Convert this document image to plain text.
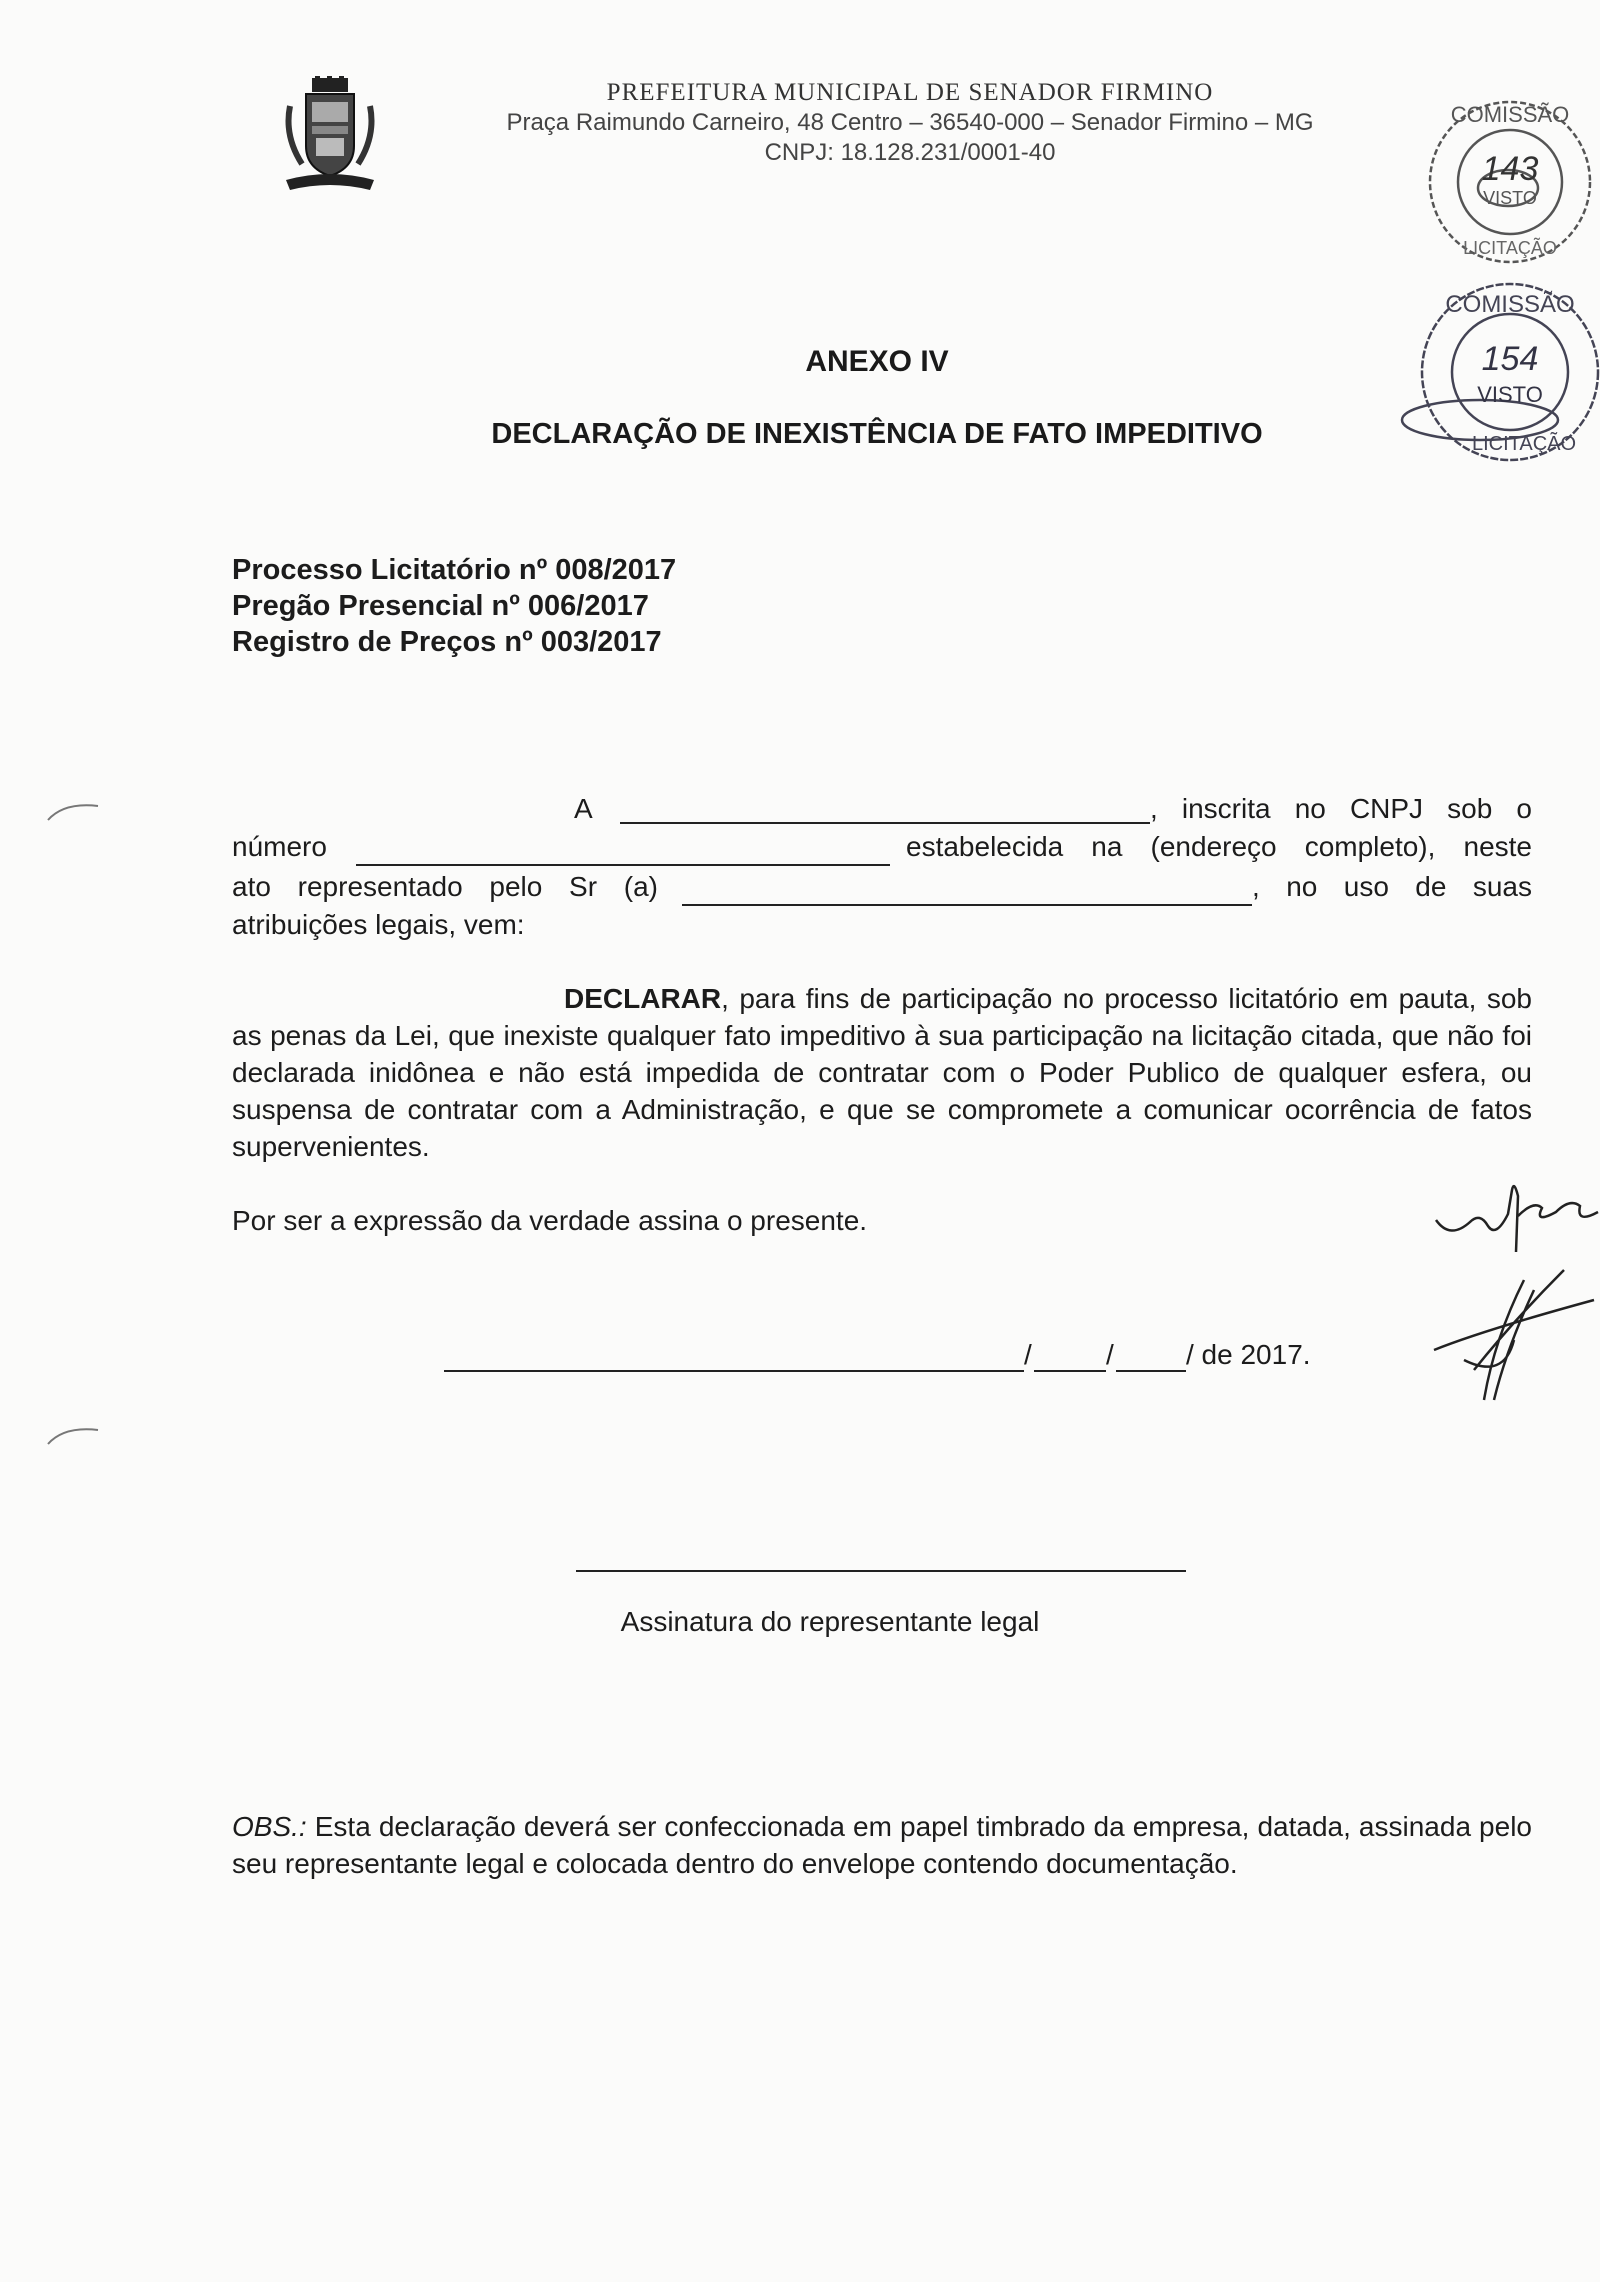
PREFEITURA MUNICIPAL DE SENADOR FIRMINO
Praça Raimundo Carneiro, 48 Centro – 36540-000 – Senador Firmino – MG
CNPJ: 18.128.231/0001-40
COMISSÃO
143
VISTO
LICITAÇÃO
COMISSÃO
154
VISTO
LICITAÇÃO
ANEXO IV
DECLARAÇÃO DE INEXISTÊNCIA DE FATO IMPEDITIVO
Processo Licitatório nº 008/2017
Pregão Presencial nº 006/2017
Registro de Preços nº 003/2017
A	, inscrita no CNPJ sob o
número	estabelecida na (endereço completo), neste
ato representado pelo Sr (a)	, no uso de suas
atribuições legais, vem:
DECLARAR, para fins de participação no processo licitatório em pauta, sob as penas da Lei, que inexiste qualquer fato impeditivo à sua participação na licitação citada, que não foi declarada inidônea e não está impedida de contratar com o Poder Publico de qualquer esfera, ou suspensa de contratar com a Administração, e que se compromete a comunicar ocorrência de fatos supervenientes.
Por ser a expressão da verdade assina o presente.
/	/	/ de 2017.
Assinatura do representante legal
OBS.: Esta declaração deverá ser confeccionada em papel timbrado da empresa, datada, assinada pelo seu representante legal e colocada dentro do envelope contendo documentação.
